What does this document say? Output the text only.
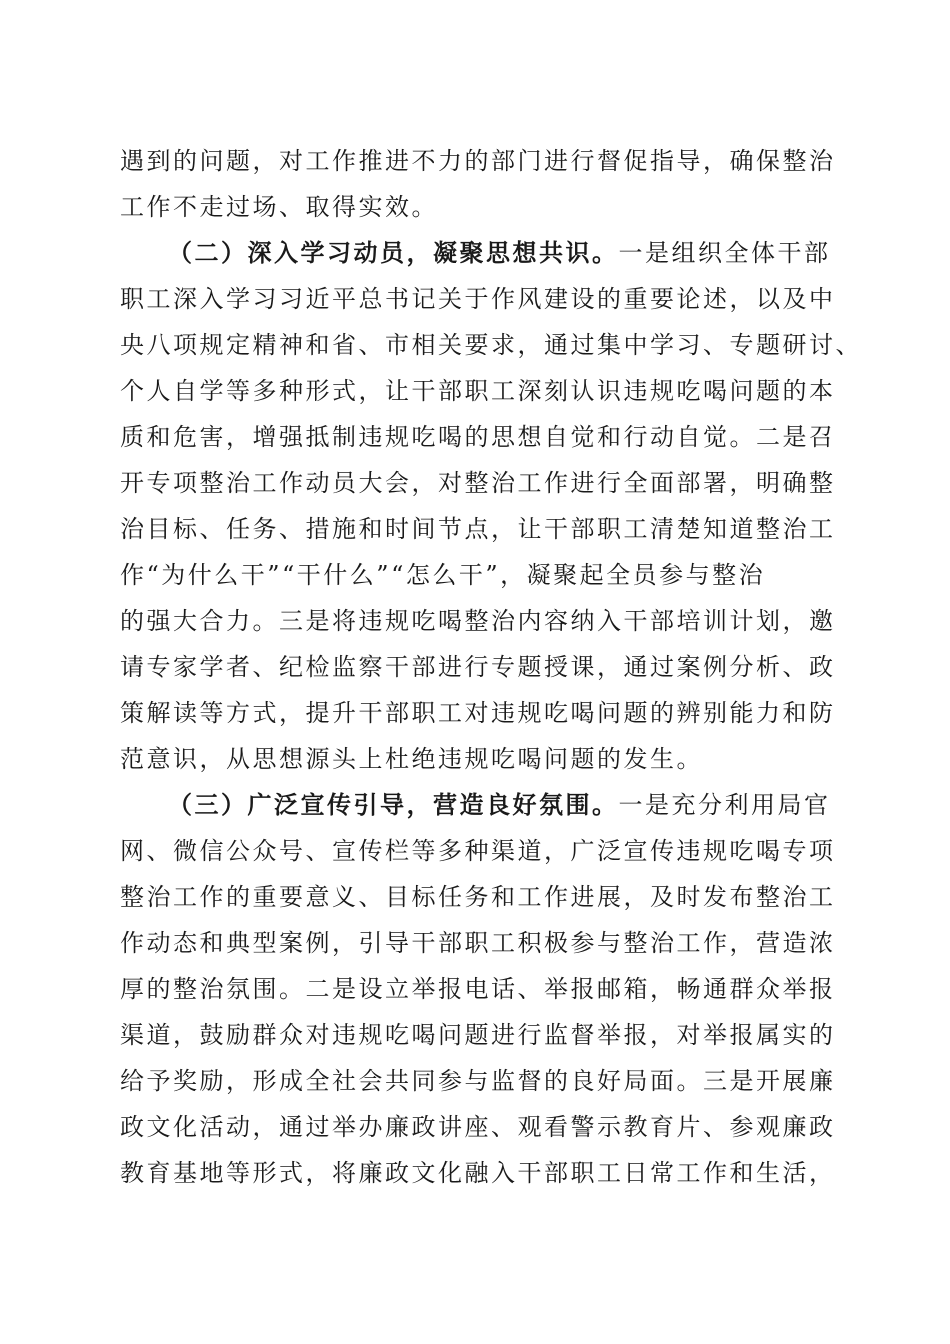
遇到的问题，对工作推进不力的部门进行督促指导，确保整治
工作不走过场、取得实效。
（二）深入学习动员，凝聚思想共识。一是组织全体干部
职工深入学习习近平总书记关于作风建设的重要论述，以及中
央八项规定精神和省、市相关要求，通过集中学习、专题研讨、
个人自学等多种形式，让干部职工深刻认识违规吃喝问题的本
质和危害，增强抵制违规吃喝的思想自觉和行动自觉。二是召
开专项整治工作动员大会，对整治工作进行全面部署，明确整
治目标、任务、措施和时间节点，让干部职工清楚知道整治工
作“为什么干”“干什么”“怎么干”，凝聚起全员参与整治
的强大合力。三是将违规吃喝整治内容纳入干部培训计划，邀
请专家学者、纪检监察干部进行专题授课，通过案例分析、政
策解读等方式，提升干部职工对违规吃喝问题的辨别能力和防
范意识，从思想源头上杜绝违规吃喝问题的发生。
（三）广泛宣传引导，营造良好氛围。一是充分利用局官
网、微信公众号、宣传栏等多种渠道，广泛宣传违规吃喝专项
整治工作的重要意义、目标任务和工作进展，及时发布整治工
作动态和典型案例，引导干部职工积极参与整治工作，营造浓
厚的整治氛围。二是设立举报电话、举报邮箱，畅通群众举报
渠道，鼓励群众对违规吃喝问题进行监督举报，对举报属实的
给予奖励，形成全社会共同参与监督的良好局面。三是开展廉
政文化活动，通过举办廉政讲座、观看警示教育片、参观廉政
教育基地等形式，将廉政文化融入干部职工日常工作和生活，
